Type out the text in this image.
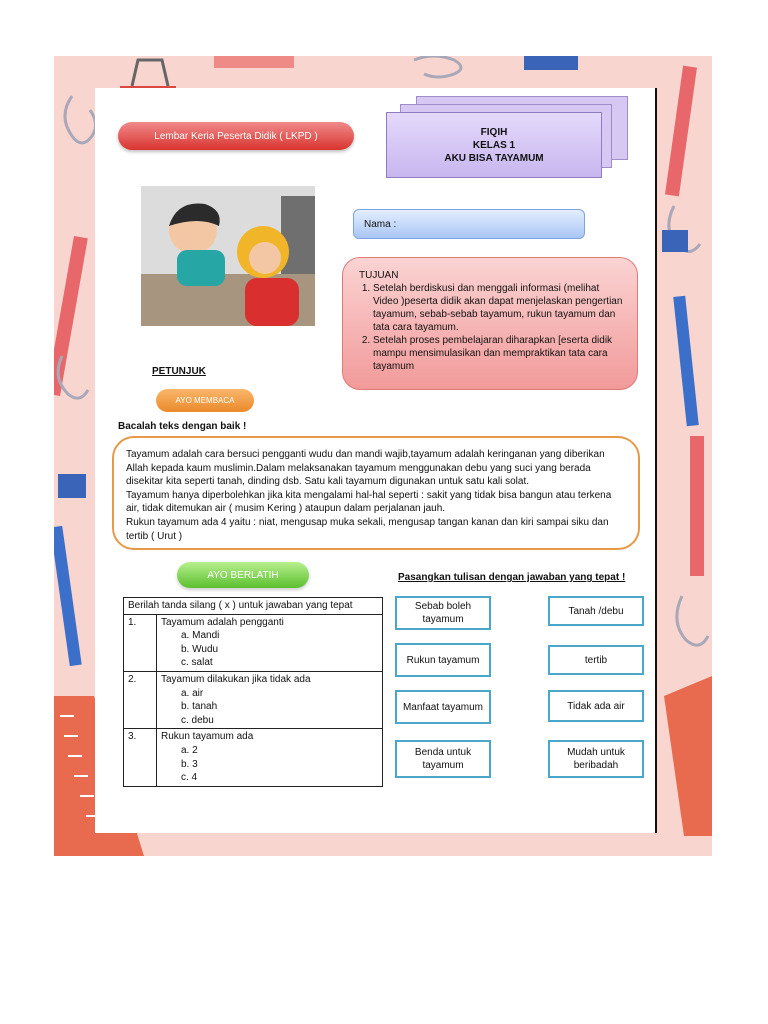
Lembar Keria Peserta Didik ( LKPD )	FIQIH
KELAS 1
AKU BISA TAYAMUM
Nama :
TUJUAN
1. Setelah berdiskusi dan menggali informasi (melihat Video )peserta didik akan dapat menjelaskan pengertian tayamum, sebab-sebab tayamum, rukun tayamum dan tata cara tayamum.
2. Setelah proses pembelajaran diharapkan [eserta didik mampu mensimulasikan dan mempraktikan tata cara tayamum
PETUNJUK
AYO MEMBACA
Bacalah teks dengan baik !

Tayamum adalah cara bersuci pengganti wudu dan mandi wajib,tayamum adalah keringanan yang diberikan Allah kepada kaum muslimin.Dalam melaksanakan tayamum menggunakan debu yang suci yang berada disekitar kita seperti tanah, dinding dsb. Satu kali tayamum digunakan untuk satu kali solat.

Tayamum hanya diperbolehkan jika kita mengalami hal-hal seperti : sakit yang tidak bisa bangun atau terkena air, tidak ditemukan air ( musim Kering ) ataupun dalam perjalanan jauh.

Rukun tayamum ada 4 yaitu : niat, mengusap muka sekali, mengusap tangan kanan dan kiri sampai siku dan tertib ( Urut )

AYO BERLATIH	Pasangkan tulisan dengan jawaban yang tepat !
Berilah tanda silang ( x ) untuk jawaban yang tepat	
1.	Tayamum adalah pengganti
a. Mandi
b. Wudu
c. salat

2.	Tayamum dilakukan jika tidak ada
a. air
b. tanah
c. debu

3.	Rukun tayamum ada
a. 2
b. 3
c. 4
Sebab boleh tayamum
Rukun tayamum
Manfaat tayamum
Benda untuk tayamum
Tanah /debu
tertib
Tidak ada air
Mudah untuk beribadah
